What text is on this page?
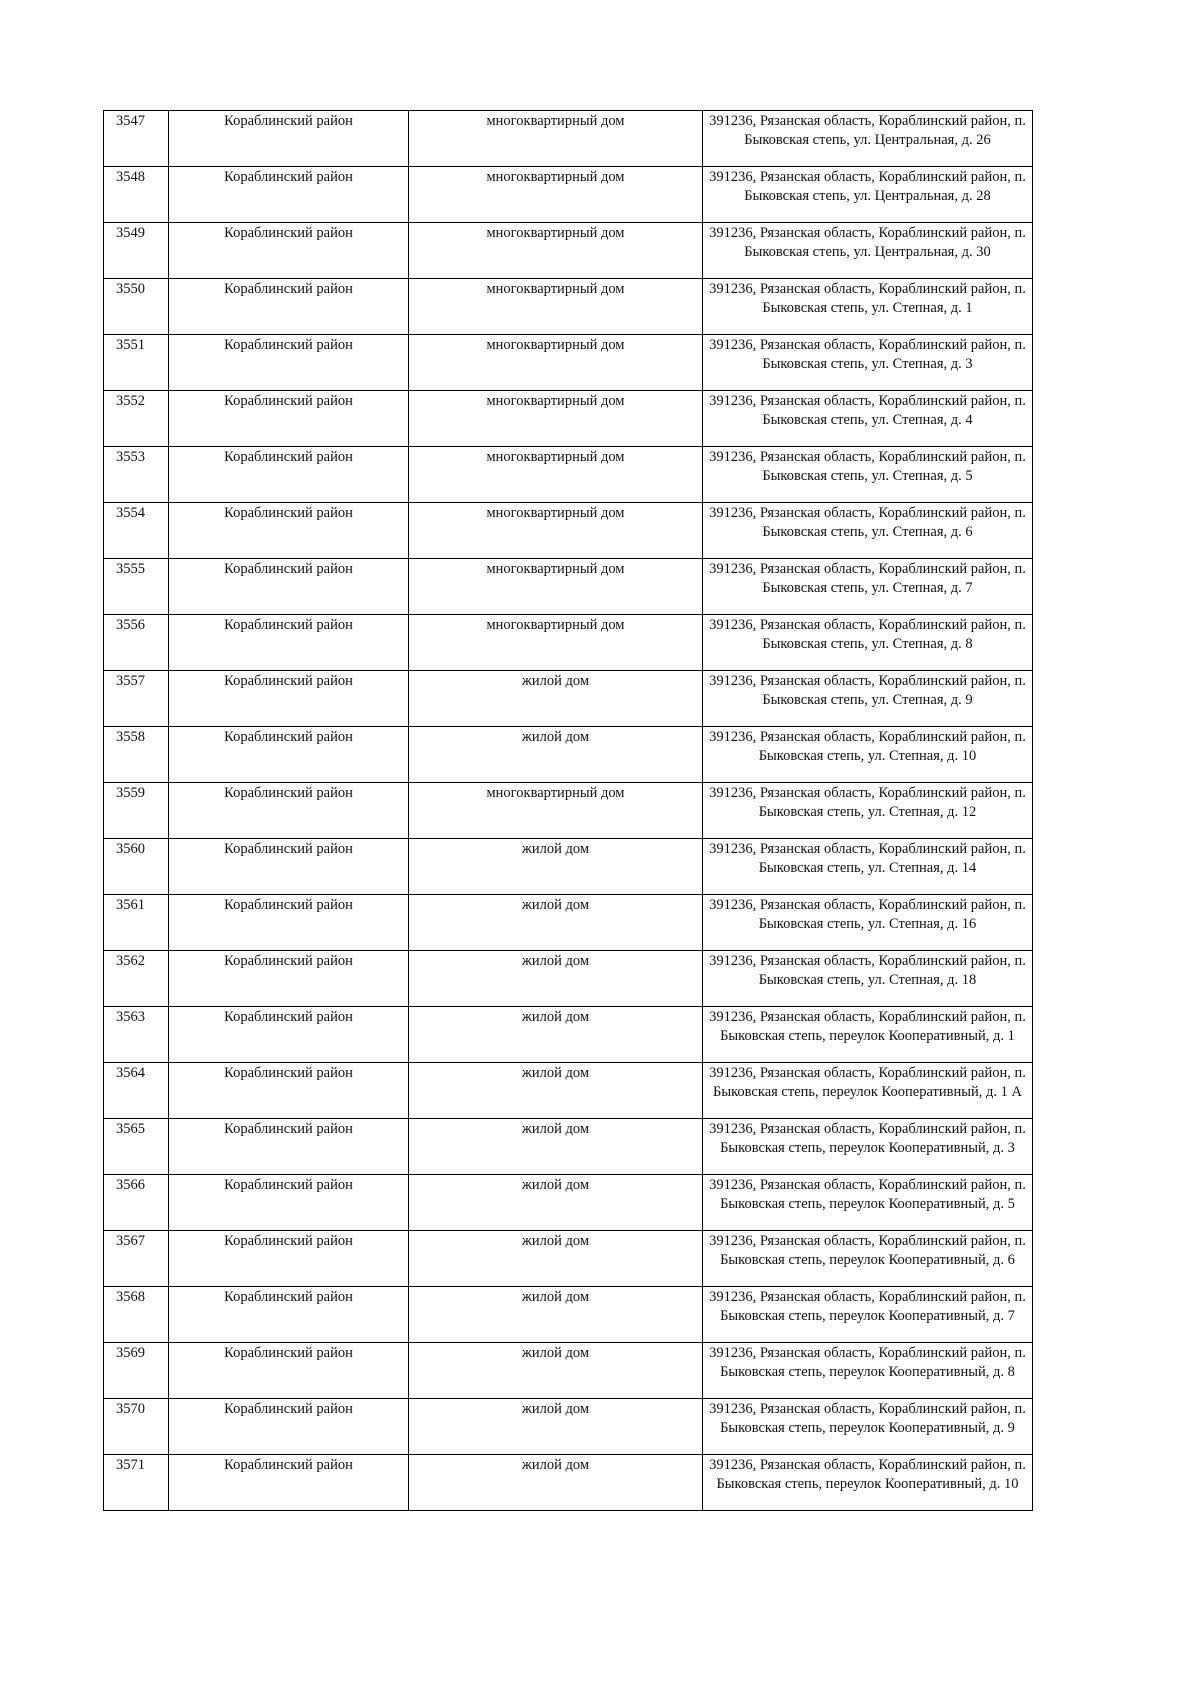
3547	Кораблинский район	многоквартирный дом	391236, Рязанская область, Кораблинский район, п. Быковская степь, ул. Центральная, д. 26

3548	Кораблинский район	многоквартирный дом	391236, Рязанская область, Кораблинский район, п. Быковская степь, ул. Центральная, д. 28

3549	Кораблинский район	многоквартирный дом	391236, Рязанская область, Кораблинский район, п. Быковская степь, ул. Центральная, д. 30

3550	Кораблинский район	многоквартирный дом	391236, Рязанская область, Кораблинский район, п. Быковская степь, ул. Степная, д. 1

3551	Кораблинский район	многоквартирный дом	391236, Рязанская область, Кораблинский район, п. Быковская степь, ул. Степная, д. 3

3552	Кораблинский район	многоквартирный дом	391236, Рязанская область, Кораблинский район, п. Быковская степь, ул. Степная, д. 4

3553	Кораблинский район	многоквартирный дом	391236, Рязанская область, Кораблинский район, п. Быковская степь, ул. Степная, д. 5

3554	Кораблинский район	многоквартирный дом	391236, Рязанская область, Кораблинский район, п. Быковская степь, ул. Степная, д. 6

3555	Кораблинский район	многоквартирный дом	391236, Рязанская область, Кораблинский район, п. Быковская степь, ул. Степная, д. 7

3556	Кораблинский район	многоквартирный дом	391236, Рязанская область, Кораблинский район, п. Быковская степь, ул. Степная, д. 8

3557	Кораблинский район	жилой дом	391236, Рязанская область, Кораблинский район, п. Быковская степь, ул. Степная, д. 9

3558	Кораблинский район	жилой дом	391236, Рязанская область, Кораблинский район, п. Быковская степь, ул. Степная, д. 10

3559	Кораблинский район	многоквартирный дом	391236, Рязанская область, Кораблинский район, п. Быковская степь, ул. Степная, д. 12

3560	Кораблинский район	жилой дом	391236, Рязанская область, Кораблинский район, п. Быковская степь, ул. Степная, д. 14

3561	Кораблинский район	жилой дом	391236, Рязанская область, Кораблинский район, п. Быковская степь, ул. Степная, д. 16

3562	Кораблинский район	жилой дом	391236, Рязанская область, Кораблинский район, п. Быковская степь, ул. Степная, д. 18

3563	Кораблинский район	жилой дом	391236, Рязанская область, Кораблинский район, п. Быковская степь, переулок Кооперативный, д. 1

3564	Кораблинский район	жилой дом	391236, Рязанская область, Кораблинский район, п. Быковская степь, переулок Кооперативный, д. 1 А

3565	Кораблинский район	жилой дом	391236, Рязанская область, Кораблинский район, п. Быковская степь, переулок Кооперативный, д. 3

3566	Кораблинский район	жилой дом	391236, Рязанская область, Кораблинский район, п. Быковская степь, переулок Кооперативный, д. 5

3567	Кораблинский район	жилой дом	391236, Рязанская область, Кораблинский район, п. Быковская степь, переулок Кооперативный, д. 6

3568	Кораблинский район	жилой дом	391236, Рязанская область, Кораблинский район, п. Быковская степь, переулок Кооперативный, д. 7

3569	Кораблинский район	жилой дом	391236, Рязанская область, Кораблинский район, п. Быковская степь, переулок Кооперативный, д. 8

3570	Кораблинский район	жилой дом	391236, Рязанская область, Кораблинский район, п. Быковская степь, переулок Кооперативный, д. 9

3571	Кораблинский район	жилой дом	391236, Рязанская область, Кораблинский район, п. Быковская степь, переулок Кооперативный, д. 10
